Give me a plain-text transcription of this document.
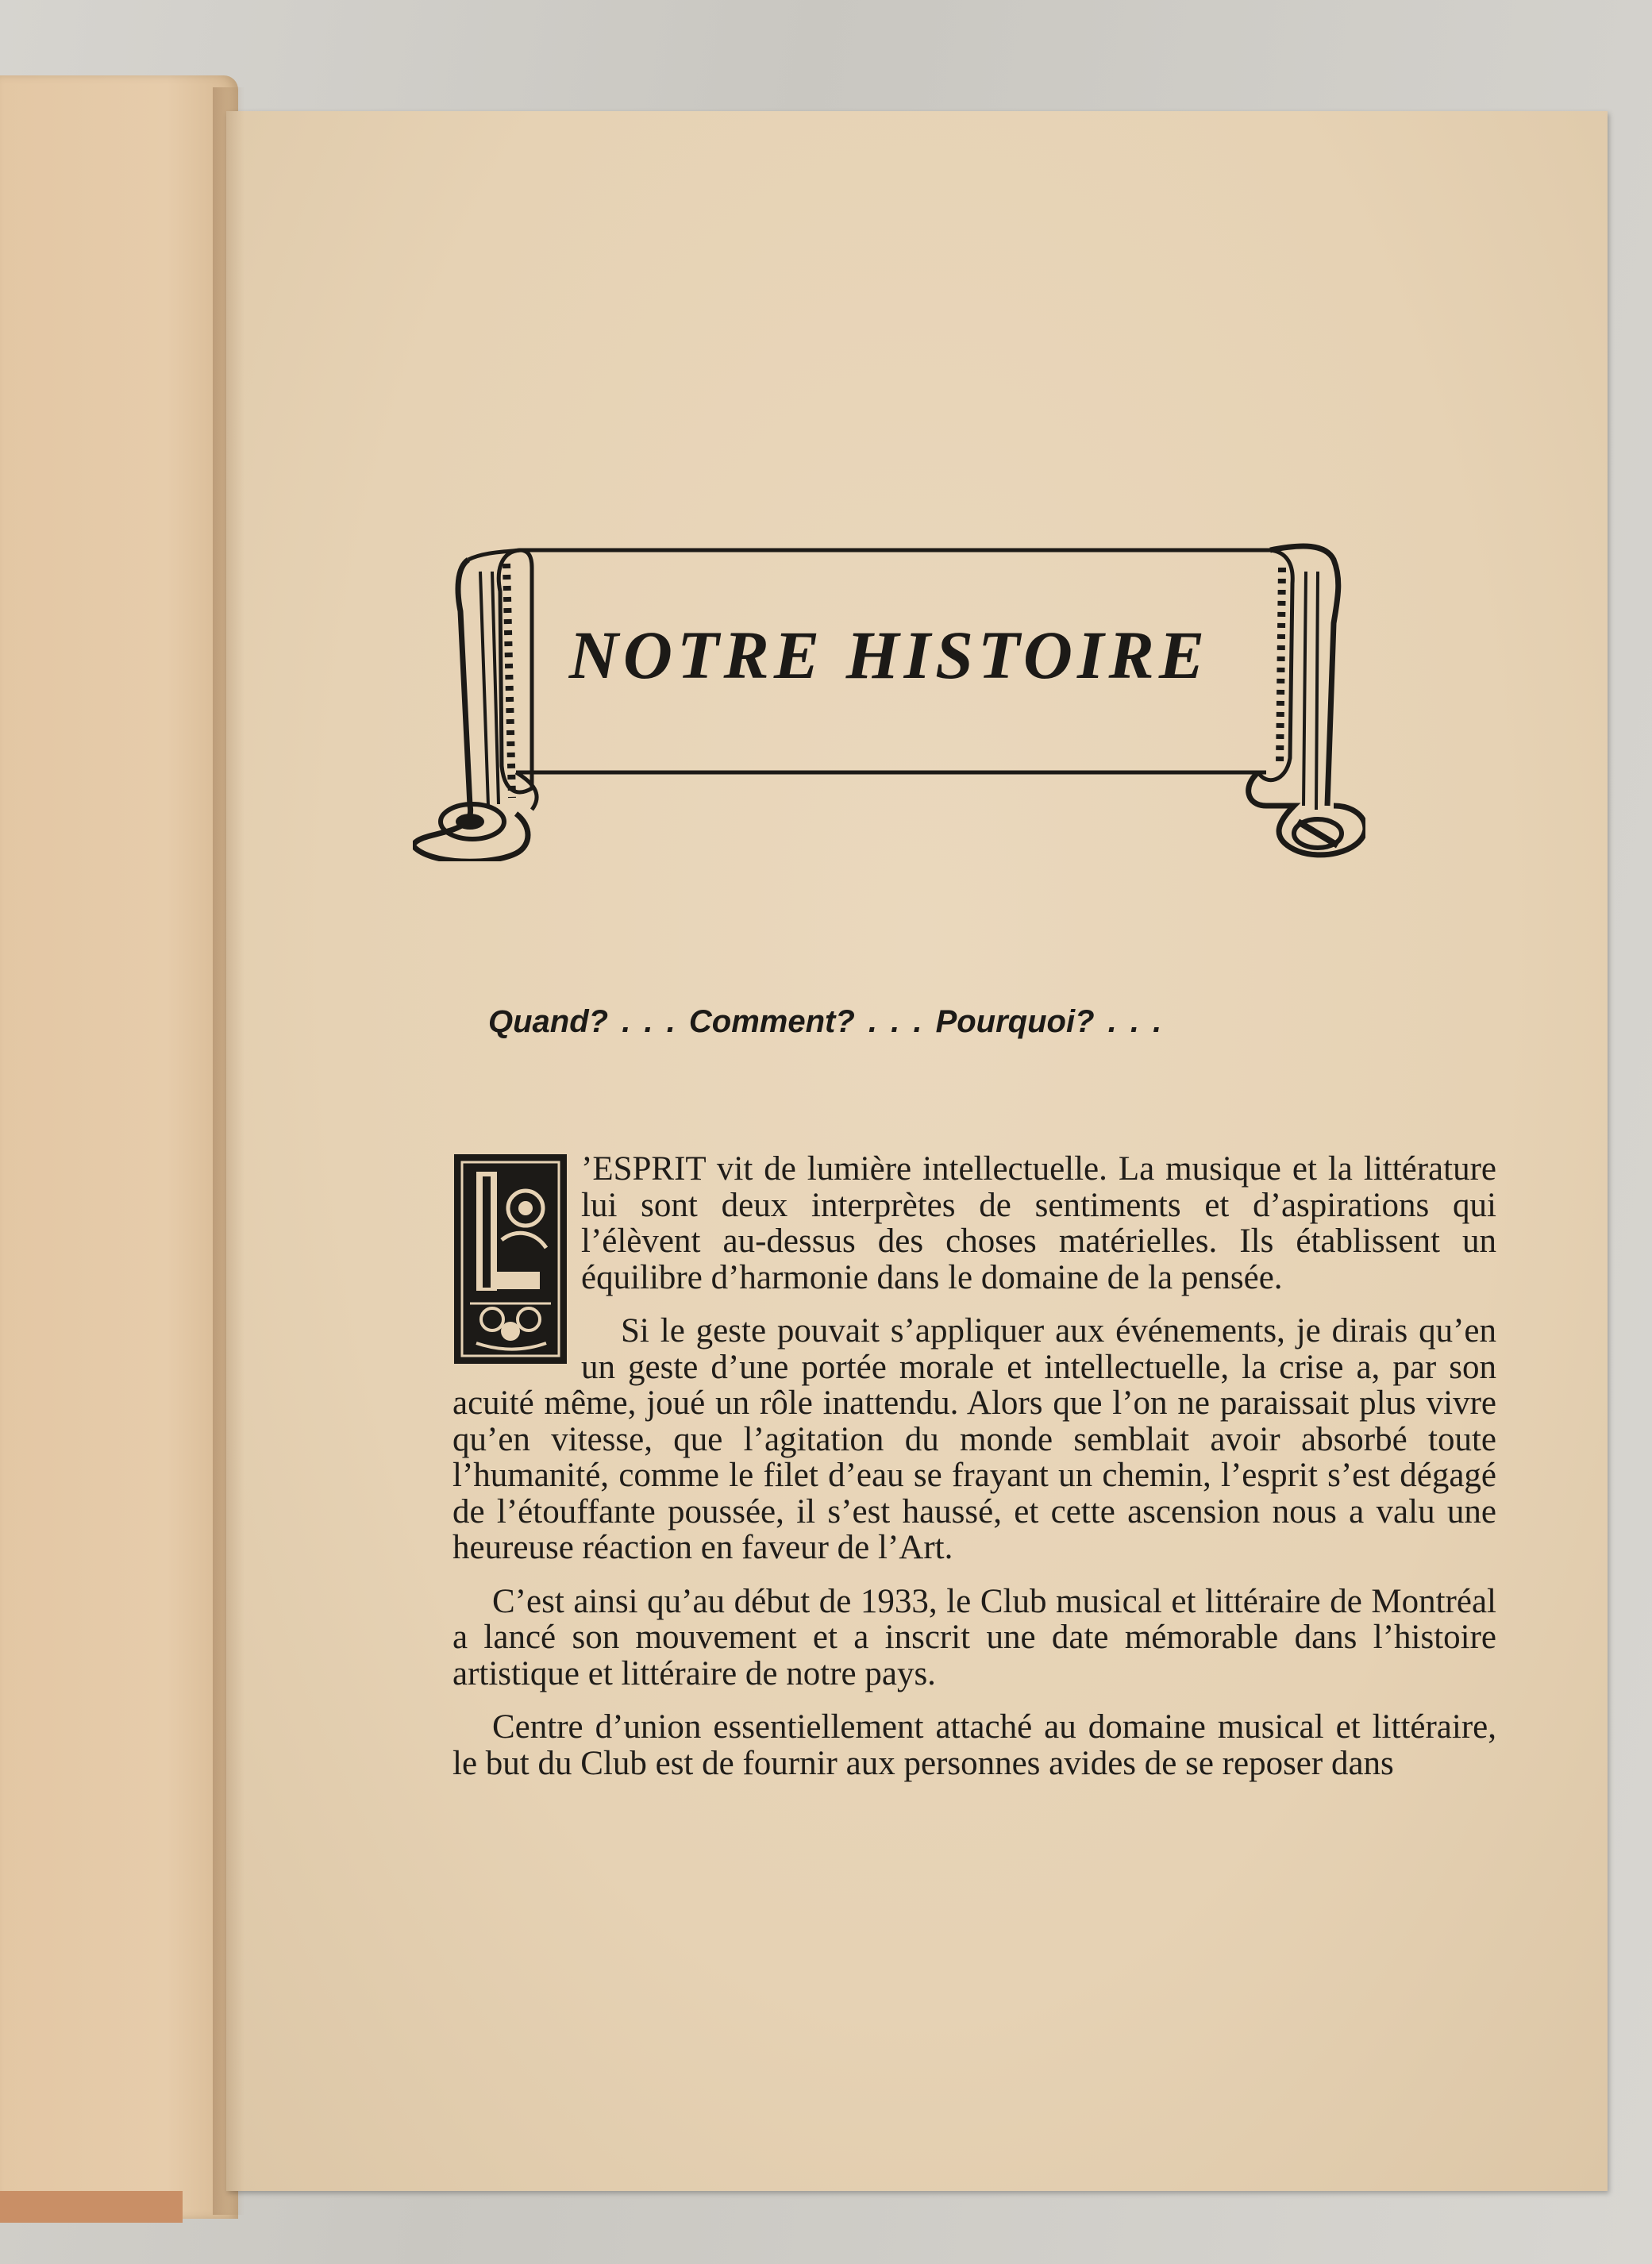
NOTRE HISTOIRE
Quand? . . . Comment? . . . Pourquoi? . . .

’ESPRIT vit de lumière intellectuelle. La musique et la littérature lui sont deux interprètes de sentiments et d’aspirations qui l’élèvent au-dessus des choses matérielles. Ils établissent un équilibre d’harmonie dans le domaine de la pensée.

Si le geste pouvait s’appliquer aux événements, je dirais qu’en un geste d’une portée morale et intellectuelle, la crise a, par son acuité même, joué un rôle inattendu. Alors que l’on ne paraissait plus vivre qu’en vitesse, que l’agitation du monde semblait avoir absorbé toute l’humanité, comme le filet d’eau se frayant un chemin, l’esprit s’est dégagé de l’étouffante poussée, il s’est haussé, et cette ascension nous a valu une heureuse réaction en faveur de l’Art.

C’est ainsi qu’au début de 1933, le Club musical et littéraire de Montréal a lancé son mouvement et a inscrit une date mémorable dans l’histoire artistique et littéraire de notre pays.

Centre d’union essentiellement attaché au domaine musical et littéraire, le but du Club est de fournir aux personnes avides de se reposer dans
